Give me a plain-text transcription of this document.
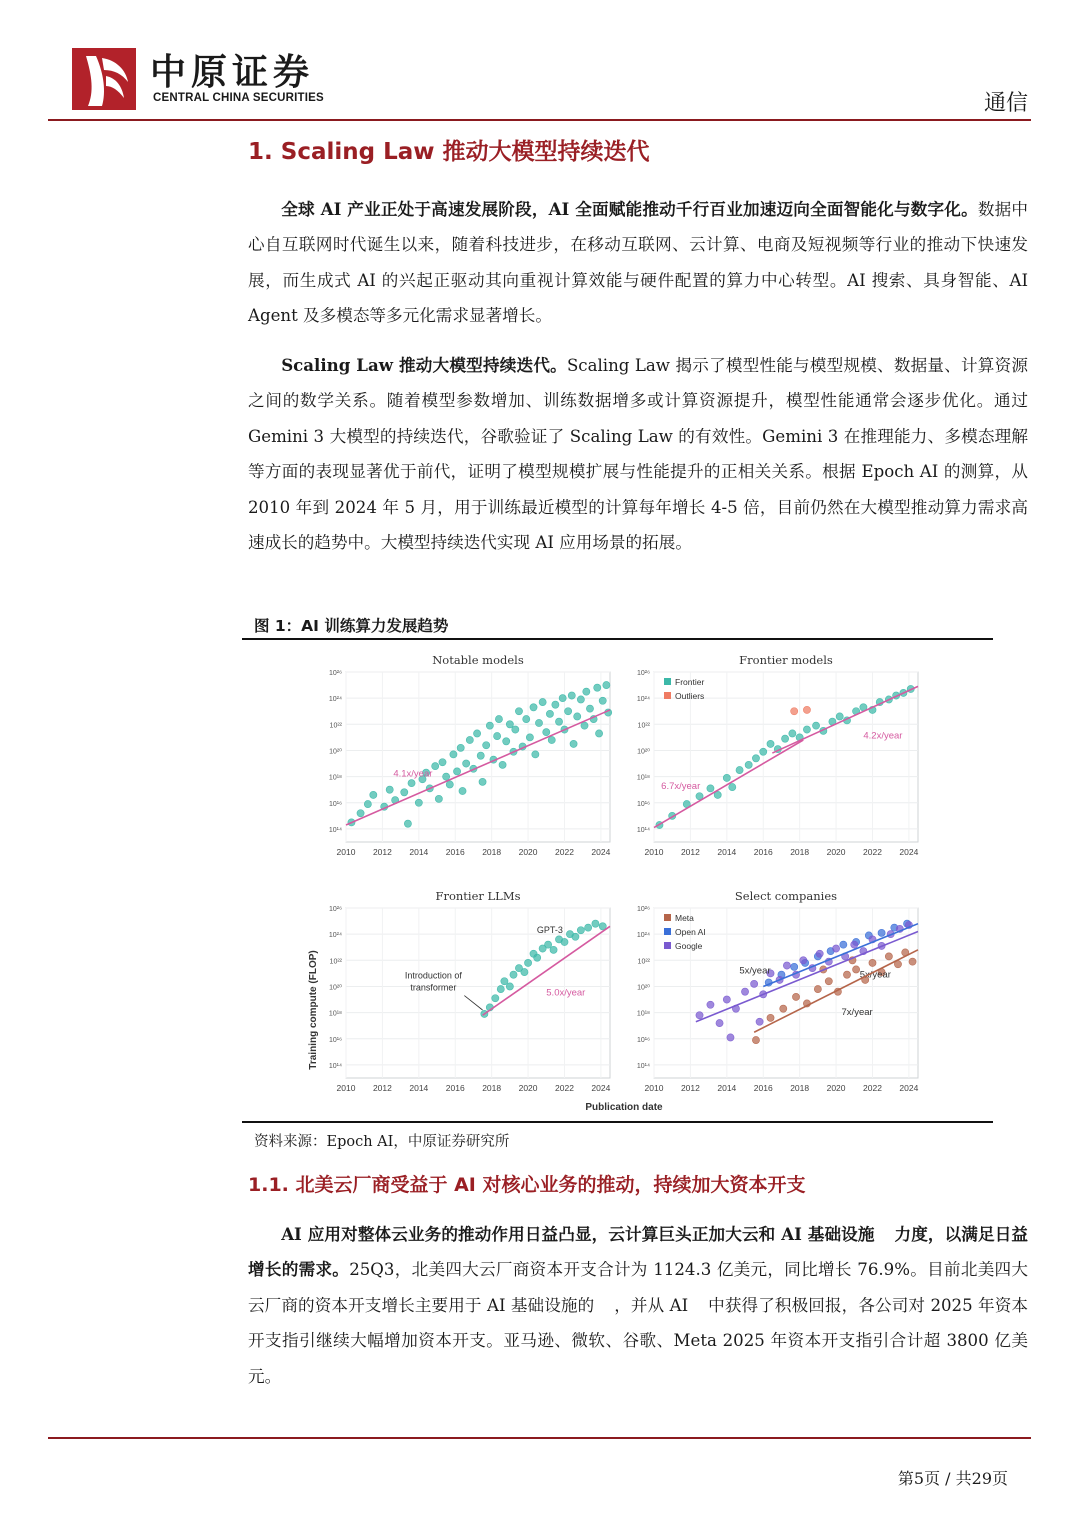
中原证券
CENTRAL CHINA SECURITIES	通信
1. Scaling Law 推动大模型持续迭代

全球 AI 产业正处于高速发展阶段，AI 全面赋能推动千行百业加速迈向全面智能化与数字化。数据中心自互联网时代诞生以来，随着科技进步，在移动互联网、云计算、电商及短视频等行业的推动下快速发展，而生成式 AI 的兴起正驱动其向重视计算效能与硬件配置的算力中心转型。AI 搜索、具身智能、AI Agent 及多模态等多元化需求显著增长。

Scaling Law 推动大模型持续迭代。Scaling Law 揭示了模型性能与模型规模、数据量、计算资源之间的数学关系。随着模型参数增加、训练数据增多或计算资源提升，模型性能通常会逐步优化。通过 Gemini 3 大模型的持续迭代，谷歌验证了 Scaling Law 的有效性。Gemini 3 在推理能力、多模态理解等方面的表现显著优于前代，证明了模型规模扩展与性能提升的正相关关系。根据 Epoch AI 的测算，从 2010 年到 2024 年 5 月，用于训练最近模型的计算每年增长 4-5 倍，目前仍然在大模型推动算力需求高速成长的趋势中。大模型持续迭代实现 AI 应用场景的拓展。

图 1：AI 训练算力发展趋势
Training compute (FLOP)
Publication date
Notable models
10¹⁴
10¹⁶
10¹⁸
10²⁰
10²²
10²⁴
10²⁶
2010 2012 2014 2016 2018 2020 2022 2024
4.1x/year
Frontier models
10¹⁴
10¹⁶
10¹⁸
10²⁰
10²²
10²⁴
10²⁶
2010 2012 2014 2016 2018 2020 2022 2024
6.7x/year
4.2x/year
Frontier
Outliers
Frontier LLMs
10¹⁴
10¹⁶
10¹⁸
10²⁰
10²²
10²⁴
10²⁶
2010 2012 2014 2016 2018 2020 2022 2024
5.0x/year
GPT-3
Introduction of
transformer
Select companies
10¹⁴
10¹⁶
10¹⁸
10²⁰
10²²
10²⁴
10²⁶
2010 2012 2014 2016 2018 2020 2022 2024
5x/year	5x/year
7x/year
Meta
Open AI
Google
资料来源：Epoch AI，中原证券研究所
1.1. 北美云厂商受益于 AI 对核心业务的推动，持续加大资本开支

AI 应用对整体云业务的推动作用日益凸显，云计算巨头正加大云和 AI 基础设施 力度，以满足日益增长的需求。25Q3，北美四大云厂商资本开支合计为 1124.3 亿美元，同比增长 76.9%。目前北美四大云厂商的资本开支增长主要用于 AI 基础设施的 ，并从 AI 中获得了积极回报，各公司对 2025 年资本开支指引继续大幅增加资本开支。亚马逊、微软、谷歌、Meta 2025 年资本开支指引合计超 3800 亿美元。

第5页 / 共29页
